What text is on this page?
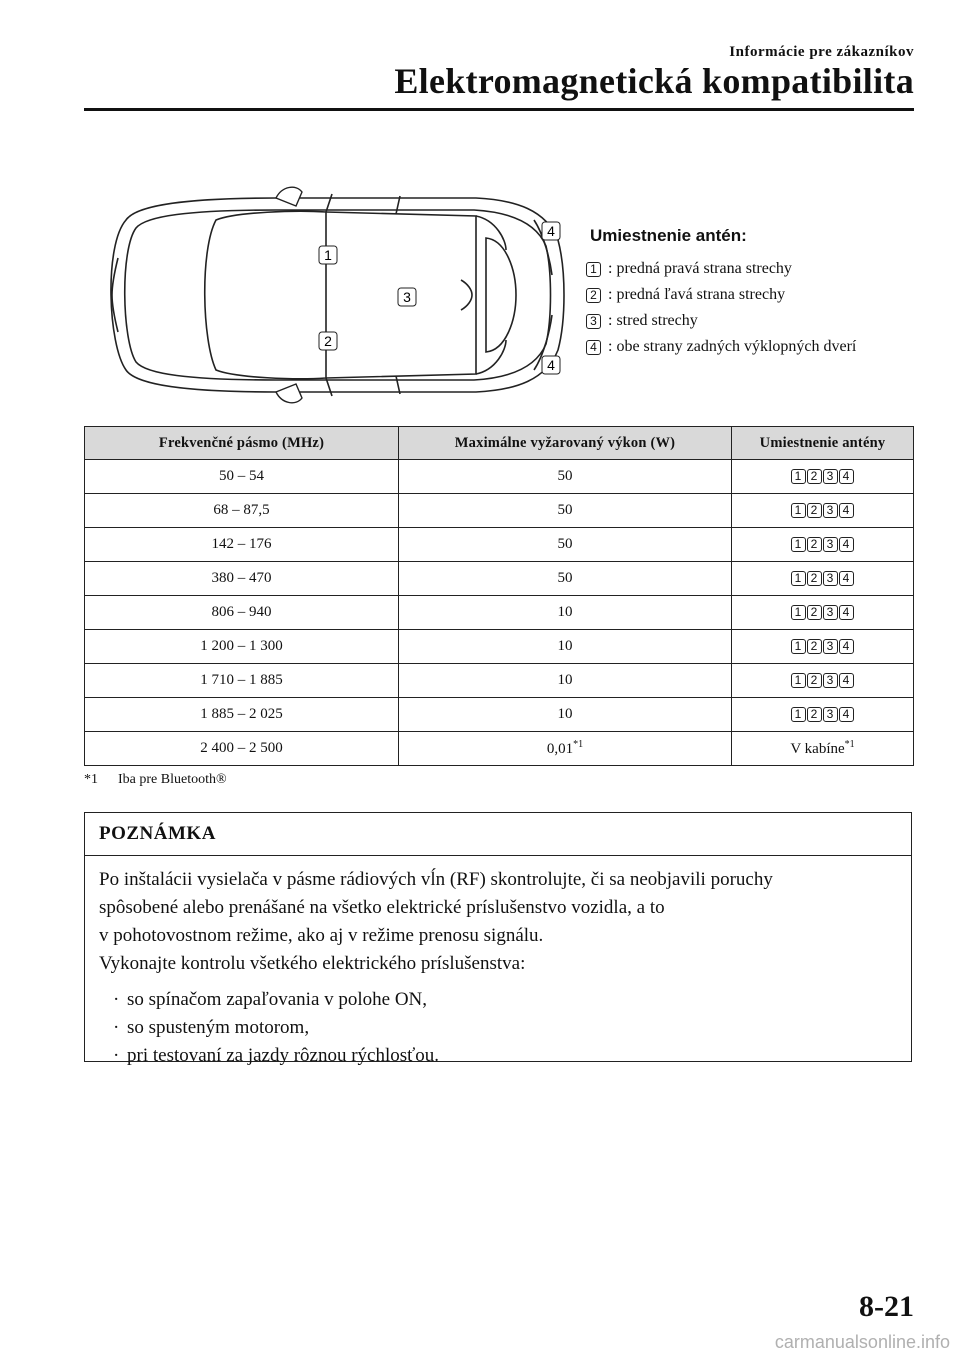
Informácie pre zákazníkov
Elektromagnetická kompatibilita
1
2
3
4
4
Umiestnenie antén:
1 : predná pravá strana strechy
2 : predná ľavá strana strechy
3 : stred strechy
4 : obe strany zadných výklopných dverí
Frekvenčné pásmo (MHz)	Maximálne vyžarovaný výkon (W)	Umiestnenie antény
50 – 54	50	1 2 3 4
68 – 87,5	50	1 2 3 4
142 – 176	50	1 2 3 4
380 – 470	50	1 2 3 4
806 – 940	10	1 2 3 4
1 200 – 1 300	10	1 2 3 4
1 710 – 1 885	10	1 2 3 4
1 885 – 2 025	10	1 2 3 4
2 400 – 2 500	0,01$^{*1}$	V kabíne$^{*1}$
*1 Iba pre Bluetooth®
POZNÁMKA
Po inštalácii vysielača v pásme rádiových vĺn (RF) skontrolujte, či sa neobjavili poruchy
spôsobené alebo prenášané na všetko elektrické príslušenstvo vozidla, a to
v pohotovostnom režime, ako aj v režime prenosu signálu.
Vykonajte kontrolu všetkého elektrického príslušenstva:
· so spínačom zapaľovania v polohe ON,
· so spusteným motorom,
· pri testovaní za jazdy rôznou rýchlosťou.
8-21
carmanualsonline.info
